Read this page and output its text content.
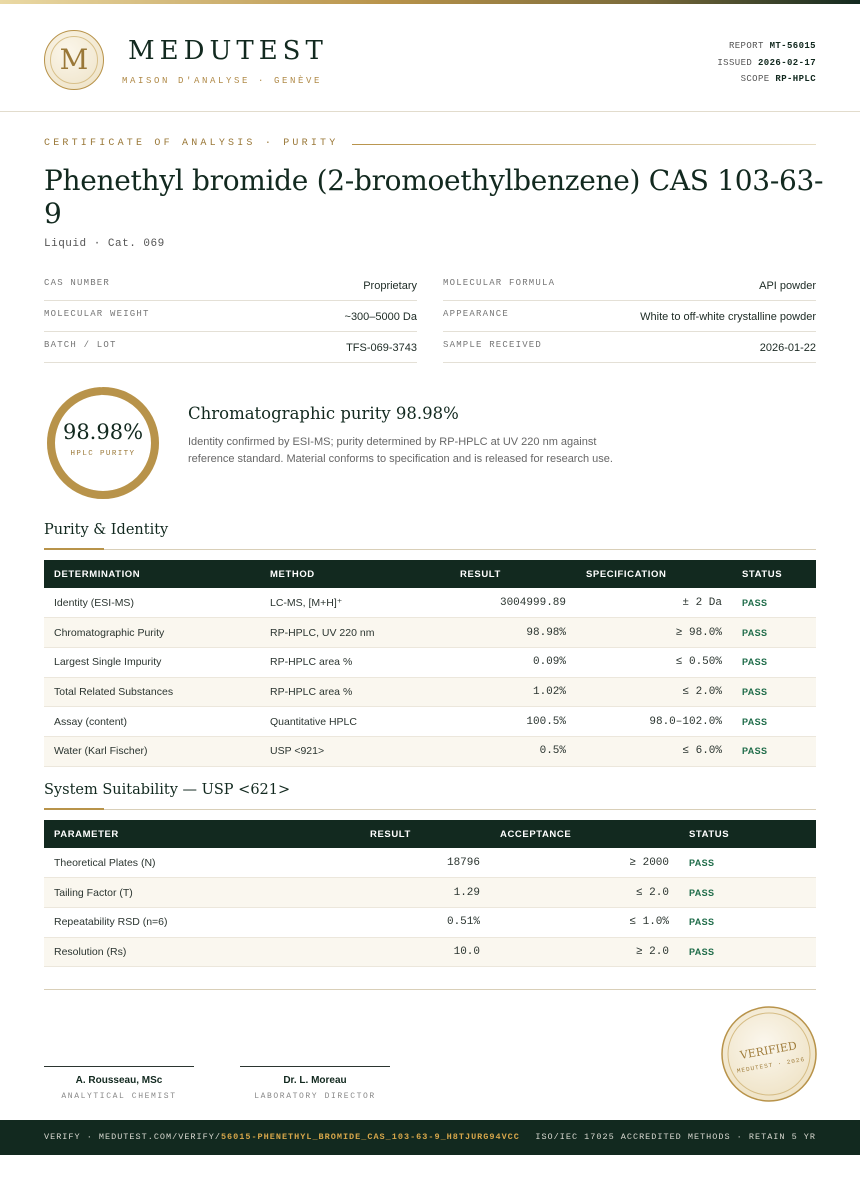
M	MEDUTEST
MAISON D'ANALYSE · GENÈVE
REPORT MT-56015
ISSUED 2026-02-17
SCOPE RP-HPLC
CERTIFICATE OF ANALYSIS · PURITY
Phenethyl bromide (2-bromoethylbenzene) CAS 103-63-9
Liquid · Cat. 069
CAS NUMBER	Proprietary
MOLECULAR WEIGHT	~300–5000 Da
BATCH / LOT	TFS-069-3743
MOLECULAR FORMULA	API powder
APPEARANCE	White to off-white crystalline powder
SAMPLE RECEIVED	2026-01-22
98.98%
HPLC PURITY
Chromatographic purity 98.98%
Identity confirmed by ESI-MS; purity determined by RP-HPLC at UV 220 nm against reference standard. Material conforms to specification and is released for research use.
Purity & Identity
DETERMINATION	METHOD	RESULT	SPECIFICATION	STATUS
Identity (ESI-MS)	LC-MS, [M+H]⁺	3004999.89	± 2 Da	PASS
Chromatographic Purity	RP-HPLC, UV 220 nm	98.98%	≥ 98.0%	PASS
Largest Single Impurity	RP-HPLC area %	0.09%	≤ 0.50%	PASS
Total Related Substances	RP-HPLC area %	1.02%	≤ 2.0%	PASS
Assay (content)	Quantitative HPLC	100.5%	98.0–102.0%	PASS
Water (Karl Fischer)	USP <921>	0.5%	≤ 6.0%	PASS
System Suitability — USP <621>
PARAMETER	RESULT	ACCEPTANCE	STATUS
Theoretical Plates (N)	18796	≥ 2000	PASS
Tailing Factor (T)	1.29	≤ 2.0	PASS
Repeatability RSD (n=6)	0.51%	≤ 1.0%	PASS
Resolution (Rs)	10.0	≥ 2.0	PASS
A. Rousseau, MSc
ANALYTICAL CHEMIST
Dr. L. Moreau
LABORATORY DIRECTOR
VERIFIED
MEDUTEST · 2026
VERIFY · MEDUTEST.COM/VERIFY/56015-PHENETHYL_BROMIDE_CAS_103-63-9_H8TJURG94VCC ISO/IEC 17025 ACCREDITED METHODS · RETAIN 5 YR
